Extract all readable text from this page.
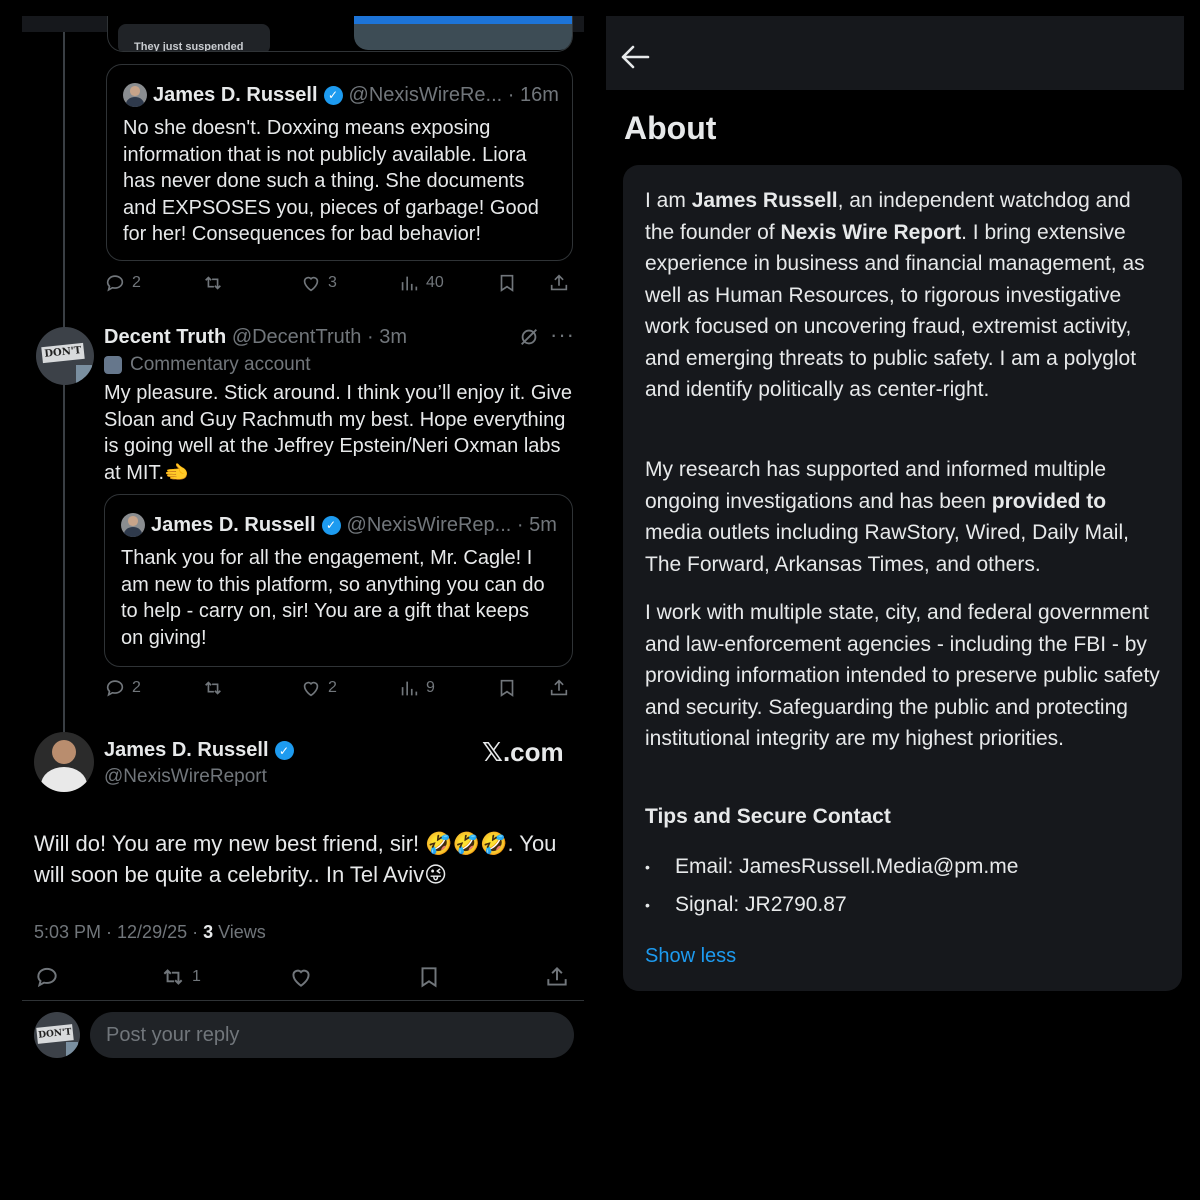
They just suspended
James D. Russell ✓ @NexisWireRe... · 16m
No she doesn't. Doxxing means exposing information that is not publicly available. Liora has never done such a thing. She documents and EXPSOSES you, pieces of garbage! Good for her! Consequences for bad behavior!
2	3	40
DON'T
Decent Truth @DecentTruth · 3m
Commentary account
···
My pleasure. Stick around. I think you’ll enjoy it. Give Sloan and Guy Rachmuth my best. Hope everything is going well at the Jeffrey Epstein/Neri Oxman labs at MIT.🫲
James D. Russell ✓ @NexisWireRep... · 5m
Thank you for all the engagement, Mr. Cagle! I am new to this platform, so anything you can do to help - carry on, sir! You are a gift that keeps on giving!
2	2	9
James D. Russell ✓
@NexisWireReport
𝕏.com
Will do! You are my new best friend, sir! 🤣🤣🤣. You will soon be quite a celebrity.. In Tel Aviv😜
5:03 PM · 12/29/25 · 3 Views
1
DON'T	Post your reply
About
I am James Russell, an independent watchdog and the founder of Nexis Wire Report. I bring extensive experience in business and financial management, as well as Human Resources, to rigorous investigative work focused on uncovering fraud, extremist activity, and emerging threats to public safety. I am a polyglot and identify politically as center-right.
My research has supported and informed multiple ongoing investigations and has been provided to media outlets including RawStory, Wired, Daily Mail, The Forward, Arkansas Times, and others.
I work with multiple state, city, and federal government and law-enforcement agencies - including the FBI - by providing information intended to preserve public safety and security. Safeguarding the public and protecting institutional integrity are my highest priorities.
Tips and Secure Contact
•	Email: JamesRussell.Media@pm.me
•	Signal: JR2790.87
Show less
